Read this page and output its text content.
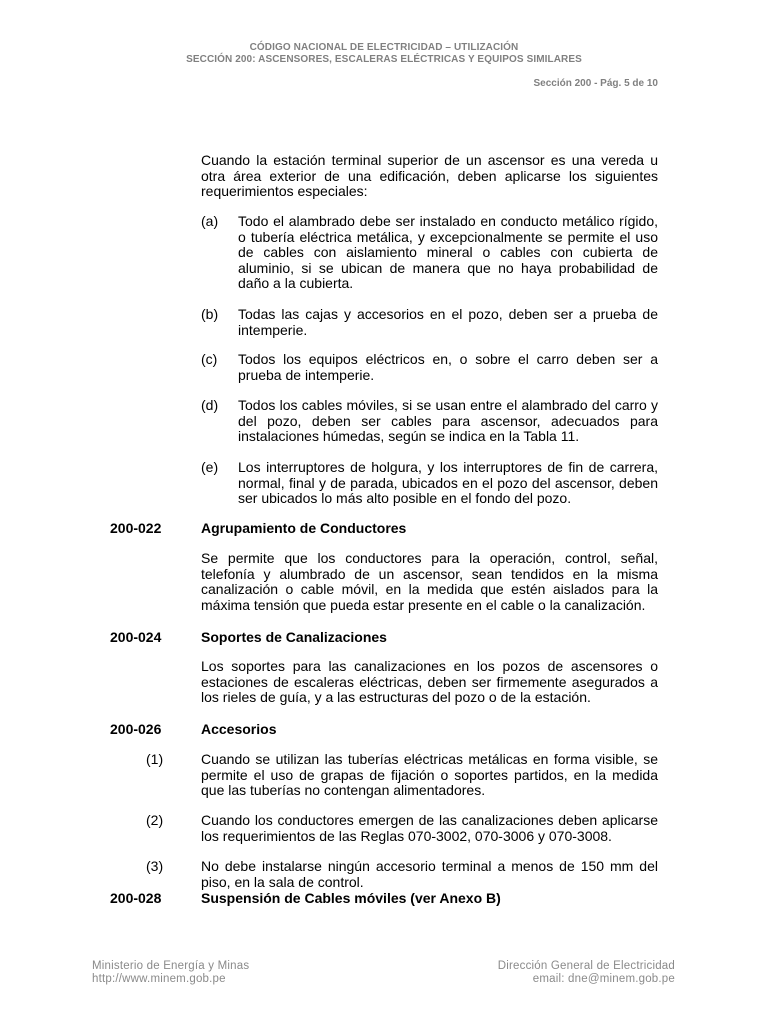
CÓDIGO NACIONAL DE ELECTRICIDAD – UTILIZACIÓN
SECCIÓN 200: ASCENSORES, ESCALERAS ELÉCTRICAS Y EQUIPOS SIMILARES
Sección 200 - Pág. 5 de 10
Cuando la estación terminal superior de un ascensor es una vereda u otra área exterior de una edificación, deben aplicarse los siguientes requerimientos especiales:
(a)	Todo el alambrado debe ser instalado en conducto metálico rígido, o tubería eléctrica metálica, y excepcionalmente se permite el uso de cables con aislamiento mineral o cables con cubierta de aluminio, si se ubican de manera que no haya probabilidad de daño a la cubierta.
(b)	Todas las cajas y accesorios en el pozo, deben ser a prueba de intemperie.
(c)	Todos los equipos eléctricos en, o sobre el carro deben ser a prueba de intemperie.
(d)	Todos los cables móviles, si se usan entre el alambrado del carro y del pozo, deben ser cables para ascensor, adecuados para instalaciones húmedas, según se indica en la Tabla 11.
(e)	Los interruptores de holgura, y los interruptores de fin de carrera, normal, final y de parada, ubicados en el pozo del ascensor, deben ser ubicados lo más alto posible en el fondo del pozo.
200-022	Agrupamiento de Conductores
Se permite que los conductores para la operación, control, señal, telefonía y alumbrado de un ascensor, sean tendidos en la misma canalización o cable móvil, en la medida que estén aislados para la máxima tensión que pueda estar presente en el cable o la canalización.
200-024	Soportes de Canalizaciones
Los soportes para las canalizaciones en los pozos de ascensores o estaciones de escaleras eléctricas, deben ser firmemente asegurados a los rieles de guía, y a las estructuras del pozo o de la estación.
200-026	Accesorios
(1)	Cuando se utilizan las tuberías eléctricas metálicas en forma visible, se permite el uso de grapas de fijación o soportes partidos, en la medida que las tuberías no contengan alimentadores.
(2)	Cuando los conductores emergen de las canalizaciones deben aplicarse los requerimientos de las Reglas 070-3002, 070-3006 y 070-3008.
(3)	No debe instalarse ningún accesorio terminal a menos de 150 mm del piso, en la sala de control.
200-028	Suspensión de Cables móviles (ver Anexo B)
Ministerio de Energía y Minas
http://www.minem.gob.pe
Dirección General de Electricidad
email: dne@minem.gob.pe
